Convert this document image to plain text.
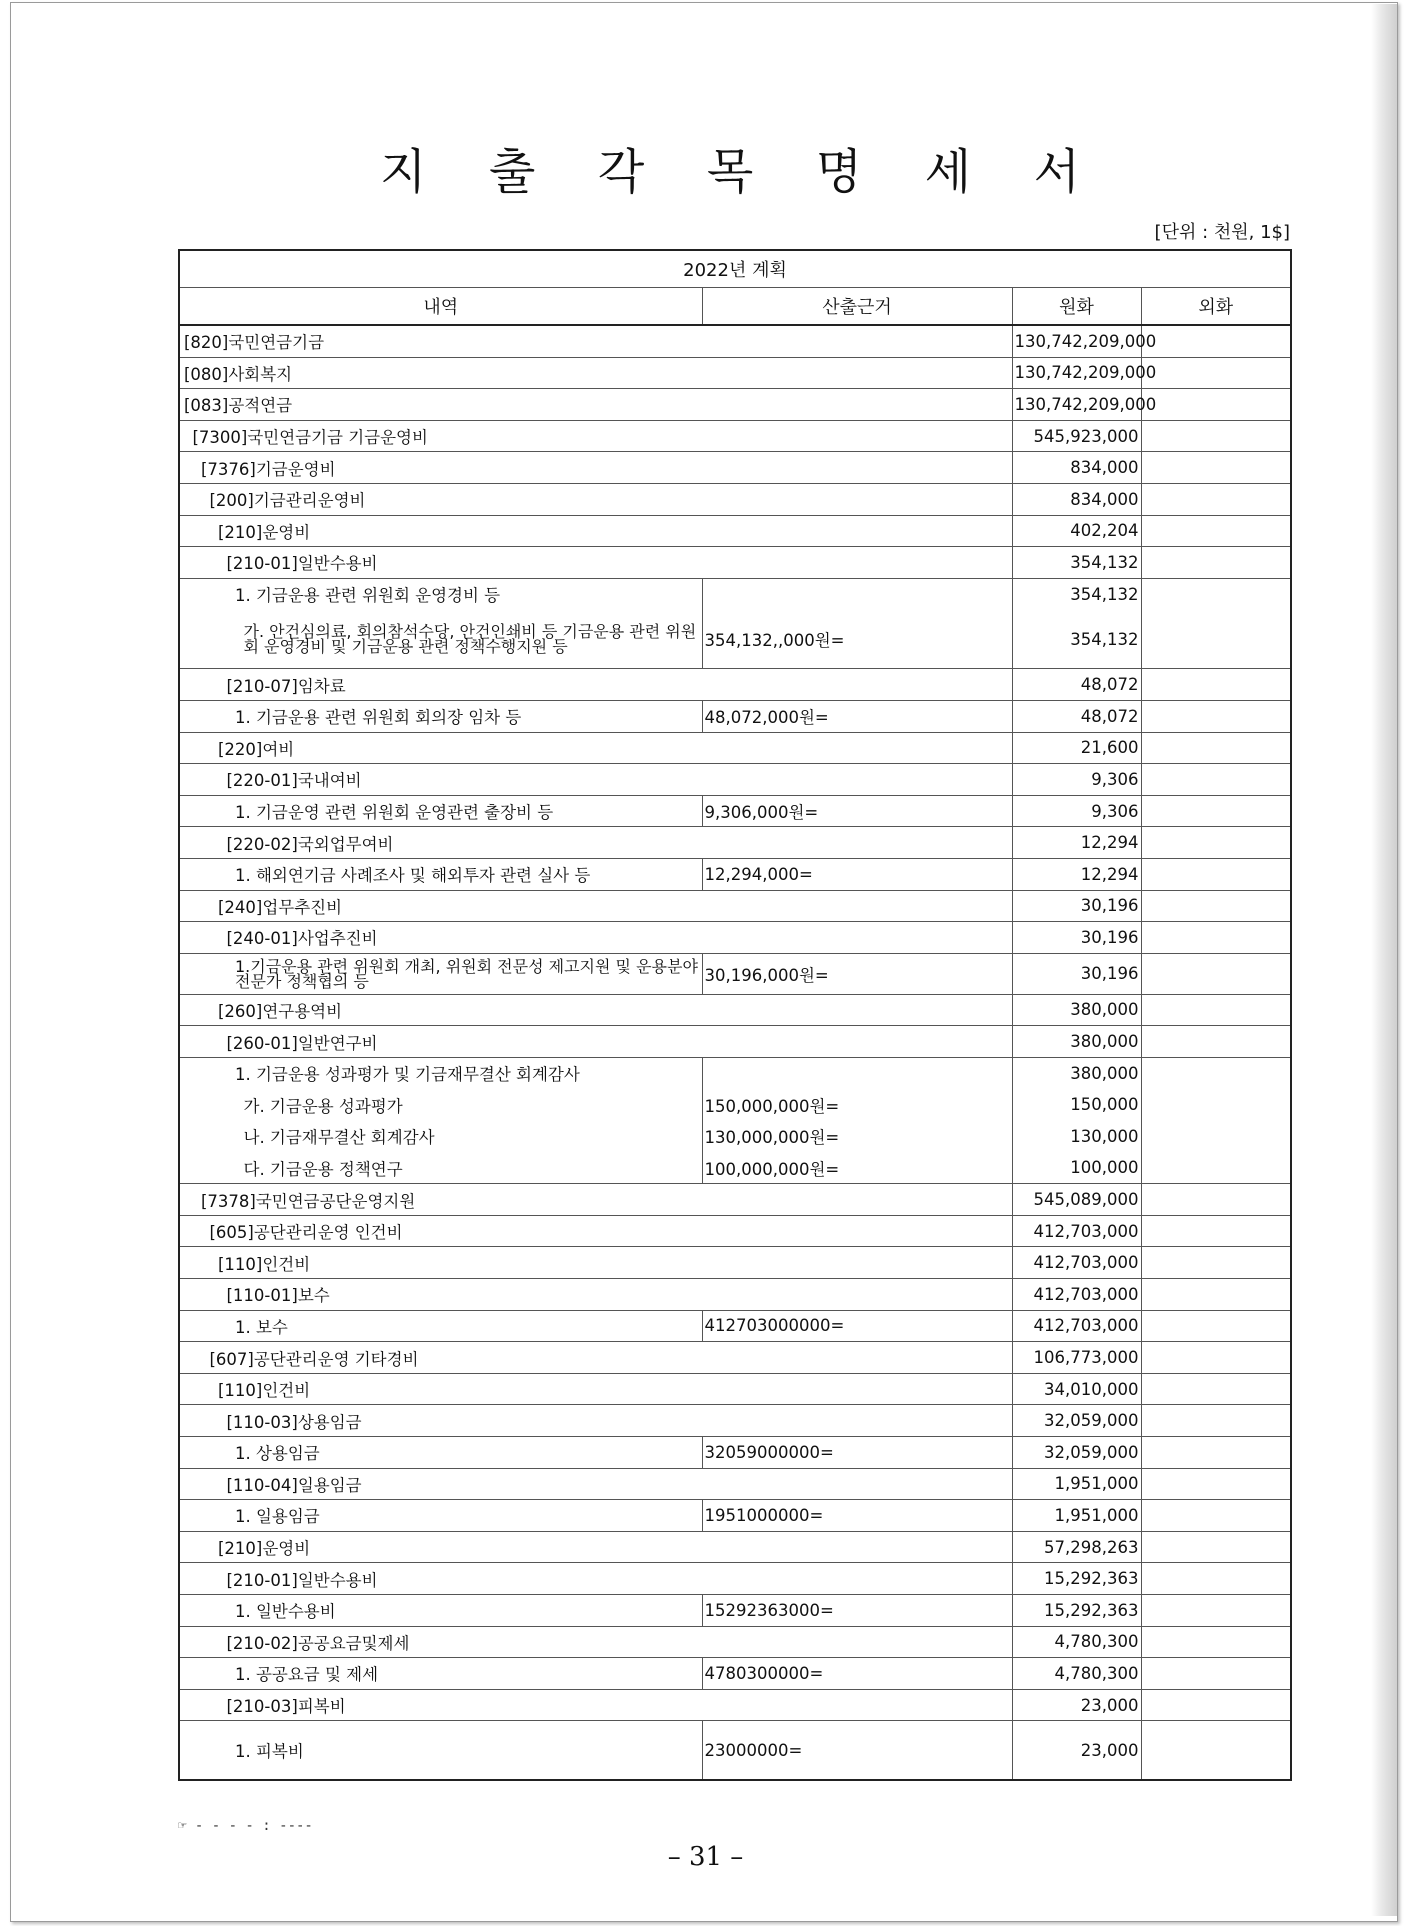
지 출 각 목 명 세 서
[단위 : 천원, 1$]
2022년 계획			
내역	산출근거	원화	외화
[820]국민연금기금		130,742,209,000	
[080]사회복지		130,742,209,000	
[083]공적연금		130,742,209,000	
[7300]국민연금기금 기금운영비		545,923,000	
[7376]기금운영비		834,000	
[200]기금관리운영비		834,000	
[210]운영비		402,204	
[210-01]일반수용비		354,132	
1. 기금운용 관련 위원회 운영경비 등		354,132	
가. 안건심의료, 회의참석수당, 안건인쇄비 등 기금운용 관련 위원회 운영경비 및 기금운용 관련 정책수행지원 등	354,132,,000원=	354,132	
[210-07]임차료		48,072	
1. 기금운용 관련 위원회 회의장 임차 등	48,072,000원=	48,072	
[220]여비		21,600	
[220-01]국내여비		9,306	
1. 기금운영 관련 위원회 운영관련 출장비 등	9,306,000원=	9,306	
[220-02]국외업무여비		12,294	
1. 해외연기금 사례조사 및 해외투자 관련 실사 등	12,294,000=	12,294	
[240]업무추진비		30,196	
[240-01]사업추진비		30,196	
1.기금운용 관련 위원회 개최, 위원회 전문성 제고지원 및 운용분야 전문가 정책협의 등	30,196,000원=	30,196	
[260]연구용역비		380,000	
[260-01]일반연구비		380,000	
1. 기금운용 성과평가 및 기금재무결산 회계감사		380,000	
가. 기금운용 성과평가	150,000,000원=	150,000	
나. 기금재무결산 회계감사	130,000,000원=	130,000	
다. 기금운용 정책연구	100,000,000원=	100,000	
[7378]국민연금공단운영지원		545,089,000	
[605]공단관리운영 인건비		412,703,000	
[110]인건비		412,703,000	
[110-01]보수		412,703,000	
1. 보수	412703000000=	412,703,000	
[607]공단관리운영 기타경비		106,773,000	
[110]인건비		34,010,000	
[110-03]상용임금		32,059,000	
1. 상용임금	32059000000=	32,059,000	
[110-04]일용임금		1,951,000	
1. 일용임금	1951000000=	1,951,000	
[210]운영비		57,298,263	
[210-01]일반수용비		15,292,363	
1. 일반수용비	15292363000=	15,292,363	
[210-02]공공요금및제세		4,780,300	
1. 공공요금 및 제세	4780300000=	4,780,300	
[210-03]피복비		23,000	
1. 피복비	23000000=	23,000	
☞ - - - - : ----
– 31 –
